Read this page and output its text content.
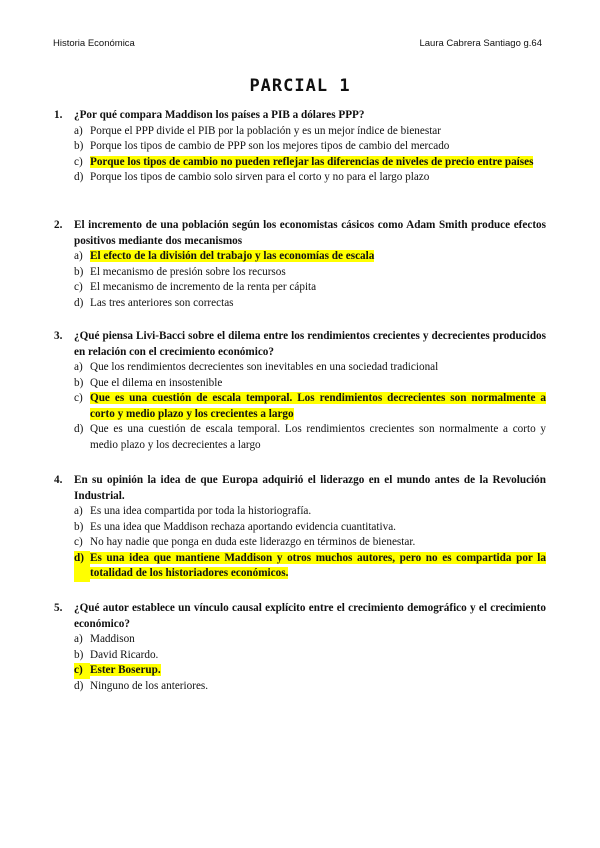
Historia Económica	Laura Cabrera Santiago g.64
PARCIAL 1
1.	¿Por qué compara Maddison los países a PIB a dólares PPP?
a) Porque el PPP divide el PIB por la población y es un mejor índice de bienestar
b) Porque los tipos de cambio de PPP son los mejores tipos de cambio del mercado
c) Porque los tipos de cambio no pueden reflejar las diferencias de niveles de precio entre países
d) Porque los tipos de cambio solo sirven para el corto y no para el largo plazo
2.	El incremento de una población según los economistas cásicos como Adam Smith produce efectos positivos mediante dos mecanismos
a) El efecto de la división del trabajo y las economías de escala
b) El mecanismo de presión sobre los recursos
c) El mecanismo de incremento de la renta per cápita
d) Las tres anteriores son correctas
3.	¿Qué piensa Livi-Bacci sobre el dilema entre los rendimientos crecientes y decrecientes producidos en relación con el crecimiento económico?
a) Que los rendimientos decrecientes son inevitables en una sociedad tradicional
b) Que el dilema en insostenible
c) Que es una cuestión de escala temporal. Los rendimientos decrecientes son normalmente a corto y medio plazo y los crecientes a largo
d) Que es una cuestión de escala temporal. Los rendimientos crecientes son normalmente a corto y medio plazo y los decrecientes a largo
4.	En su opinión la idea de que Europa adquirió el liderazgo en el mundo antes de la Revolución Industrial.
a) Es una idea compartida por toda la historiografía.
b) Es una idea que Maddison rechaza aportando evidencia cuantitativa.
c) No hay nadie que ponga en duda este liderazgo en términos de bienestar.
d) Es una idea que mantiene Maddison y otros muchos autores, pero no es compartida por la totalidad de los historiadores económicos.
5.	¿Qué autor establece un vínculo causal explícito entre el crecimiento demográfico y el crecimiento económico?
a) Maddison
b) David Ricardo.
c) Ester Boserup.
d) Ninguno de los anteriores.
